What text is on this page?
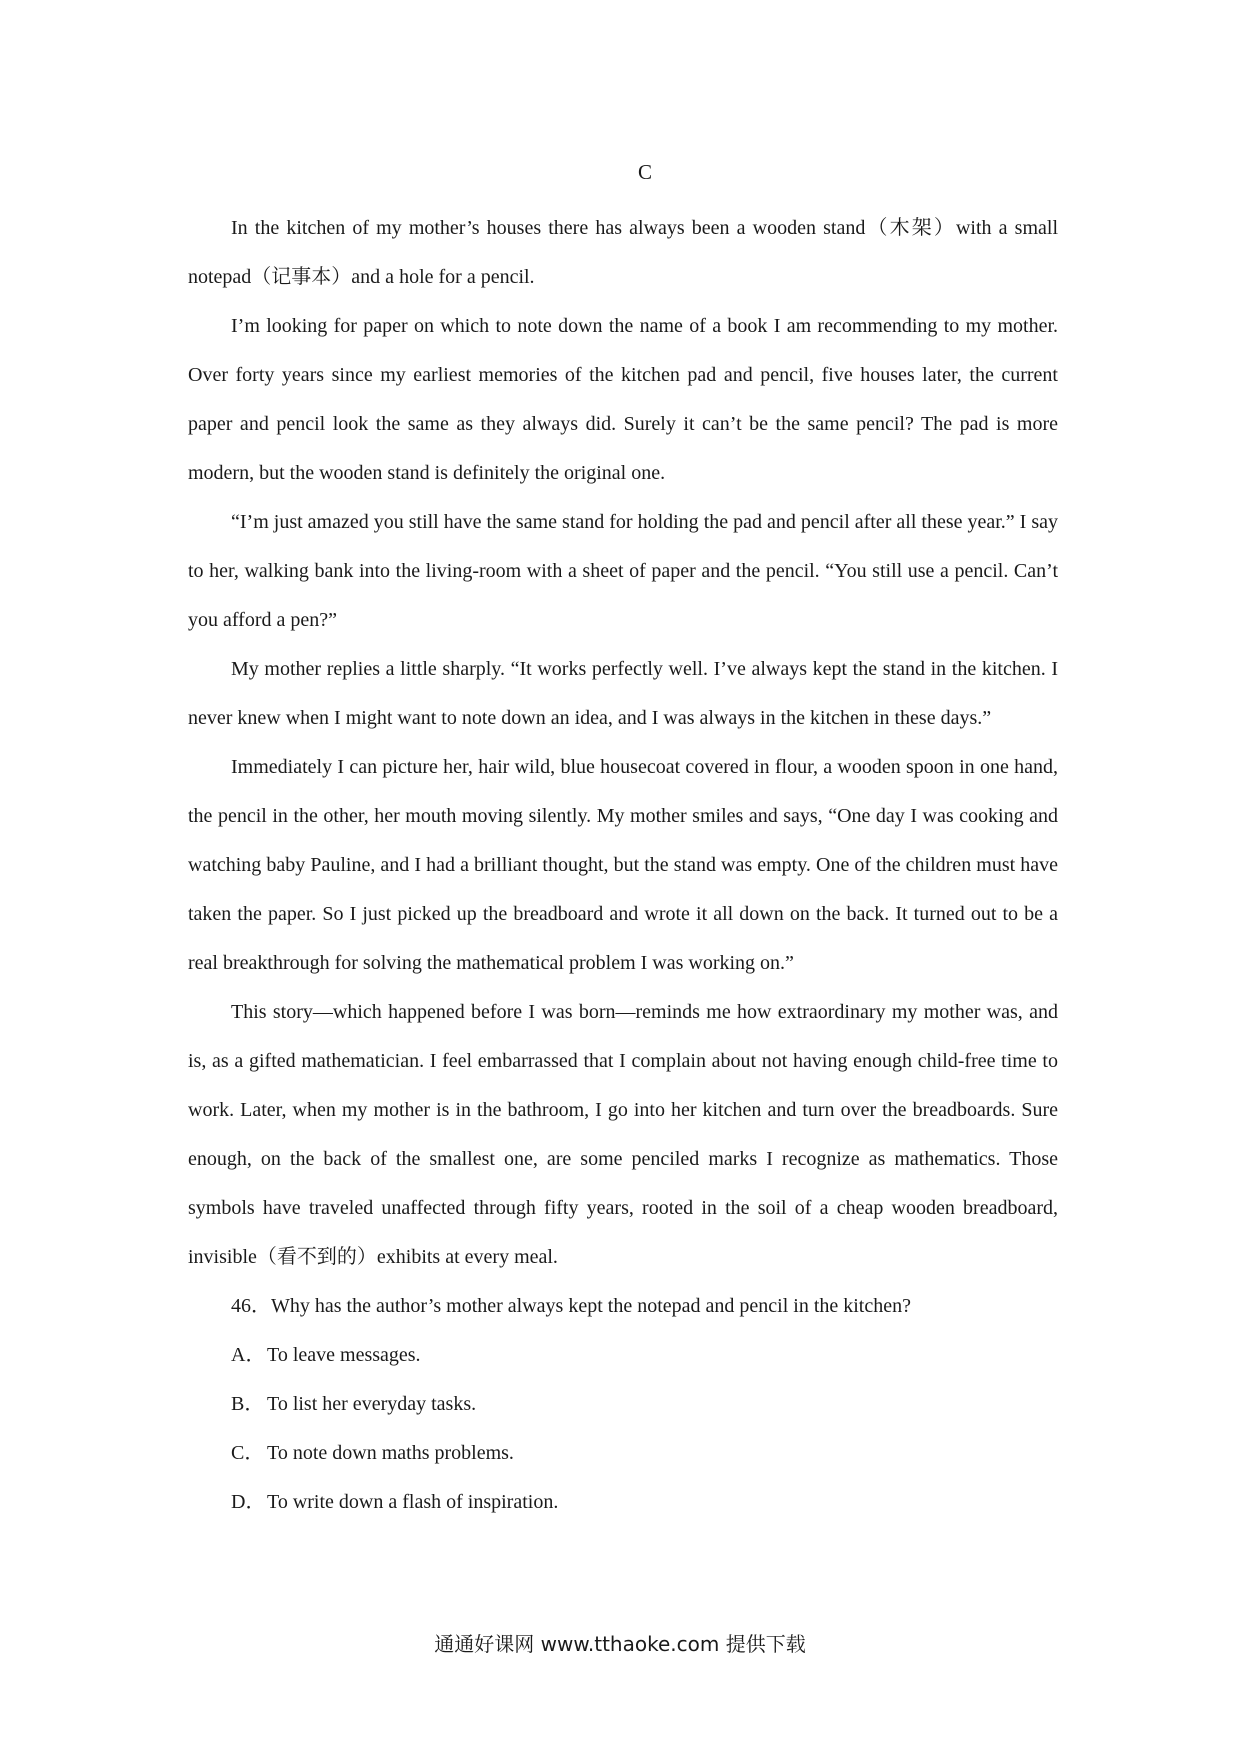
C

In the kitchen of my mother’s houses there has always been a wooden stand（木架）with a small notepad（记事本）and a hole for a pencil.

I’m looking for paper on which to note down the name of a book I am recommending to my mother. Over forty years since my earliest memories of the kitchen pad and pencil, five houses later, the current paper and pencil look the same as they always did. Surely it can’t be the same pencil? The pad is more modern, but the wooden stand is definitely the original one.

“I’m just amazed you still have the same stand for holding the pad and pencil after all these year.” I say to her, walking bank into the living-room with a sheet of paper and the pencil. “You still use a pencil. Can’t you afford a pen?”

My mother replies a little sharply. “It works perfectly well. I’ve always kept the stand in the kitchen. I never knew when I might want to note down an idea, and I was always in the kitchen in these days.”

Immediately I can picture her, hair wild, blue housecoat covered in flour, a wooden spoon in one hand, the pencil in the other, her mouth moving silently. My mother smiles and says, “One day I was cooking and watching baby Pauline, and I had a brilliant thought, but the stand was empty. One of the children must have taken the paper. So I just picked up the breadboard and wrote it all down on the back. It turned out to be a real breakthrough for solving the mathematical problem I was working on.”

This story—which happened before I was born—reminds me how extraordinary my mother was, and is, as a gifted mathematician. I feel embarrassed that I complain about not having enough child-free time to work. Later, when my mother is in the bathroom, I go into her kitchen and turn over the breadboards. Sure enough, on the back of the smallest one, are some penciled marks I recognize as mathematics. Those symbols have traveled unaffected through fifty years, rooted in the soil of a cheap wooden breadboard, invisible（看不到的）exhibits at every meal.

46．Why has the author’s mother always kept the notepad and pencil in the kitchen?
A．To leave messages.
B． To list her everyday tasks.
C． To note down maths problems.
D．To write down a flash of inspiration.
通通好课网 www.tthaoke.com 提供下载
